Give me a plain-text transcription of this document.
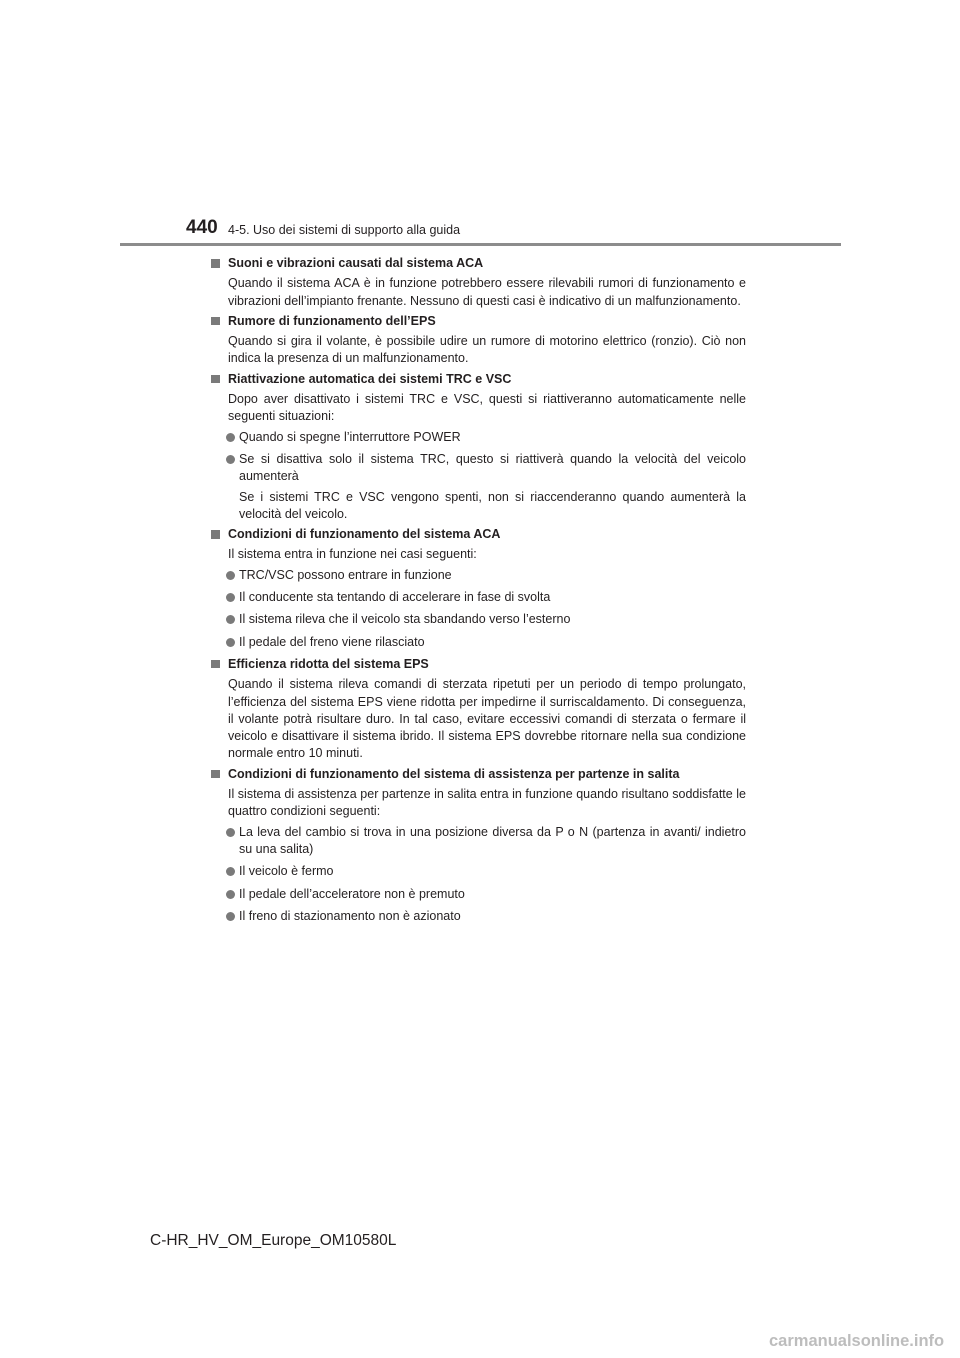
440 4-5. Uso dei sistemi di supporto alla guida
Suoni e vibrazioni causati dal sistema ACA
Quando il sistema ACA è in funzione potrebbero essere rilevabili rumori di funzionamento e vibrazioni dell’impianto frenante. Nessuno di questi casi è indicativo di un malfunzionamento.
Rumore di funzionamento dell’EPS
Quando si gira il volante, è possibile udire un rumore di motorino elettrico (ronzio). Ciò non indica la presenza di un malfunzionamento.
Riattivazione automatica dei sistemi TRC e VSC
Dopo aver disattivato i sistemi TRC e VSC, questi si riattiveranno automaticamente nelle seguenti situazioni:
Quando si spegne l’interruttore POWER
Se si disattiva solo il sistema TRC, questo si riattiverà quando la velocità del veicolo aumenterà
Se i sistemi TRC e VSC vengono spenti, non si riaccenderanno quando aumenterà la velocità del veicolo.
Condizioni di funzionamento del sistema ACA
Il sistema entra in funzione nei casi seguenti:
TRC/VSC possono entrare in funzione
Il conducente sta tentando di accelerare in fase di svolta
Il sistema rileva che il veicolo sta sbandando verso l’esterno
Il pedale del freno viene rilasciato
Efficienza ridotta del sistema EPS
Quando il sistema rileva comandi di sterzata ripetuti per un periodo di tempo prolungato, l’efficienza del sistema EPS viene ridotta per impedirne il surriscaldamento. Di conseguenza, il volante potrà risultare duro. In tal caso, evitare eccessivi comandi di sterzata o fermare il veicolo e disattivare il sistema ibrido. Il sistema EPS dovrebbe ritornare nella sua condizione normale entro 10 minuti.
Condizioni di funzionamento del sistema di assistenza per partenze in salita
Il sistema di assistenza per partenze in salita entra in funzione quando risultano soddisfatte le quattro condizioni seguenti:
La leva del cambio si trova in una posizione diversa da P o N (partenza in avanti/ indietro su una salita)
Il veicolo è fermo
Il pedale dell’acceleratore non è premuto
Il freno di stazionamento non è azionato
C-HR_HV_OM_Europe_OM10580L
carmanualsonline.info
